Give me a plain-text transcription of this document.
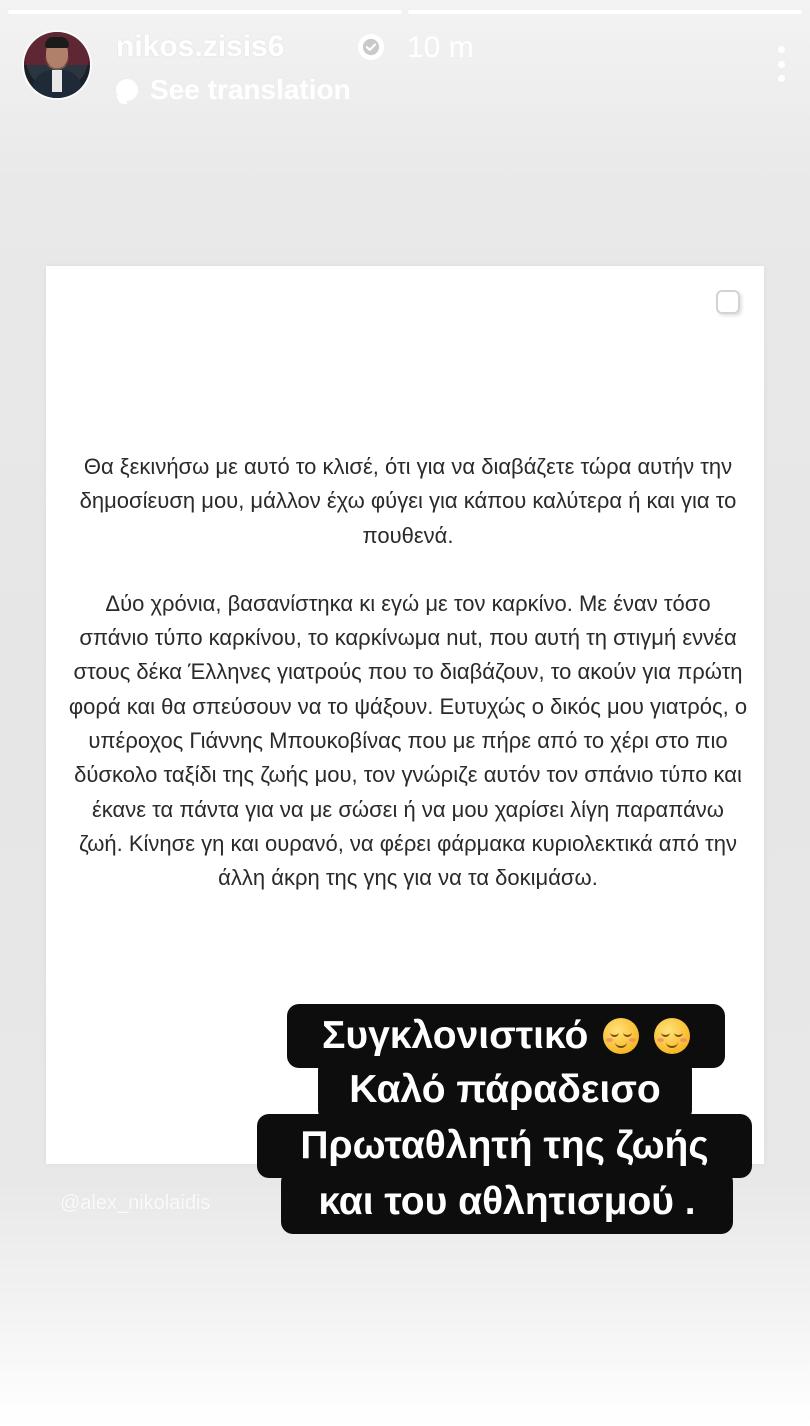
nikos.zisis6	10 m
See translation

Θα ξεκινήσω με αυτό το κλισέ, ότι για να διαβάζετε τώρα αυτήν την δημοσίευση μου, μάλλον έχω φύγει για κάπου καλύτερα ή και για το πουθενά.

Δύο χρόνια, βασανίστηκα κι εγώ με τον καρκίνο. Με έναν τόσο σπάνιο τύπο καρκίνου, το καρκίνωμα nut, που αυτή τη στιγμή εννέα στους δέκα Έλληνες γιατρούς που το διαβάζουν, το ακούν για πρώτη φορά και θα σπεύσουν να το ψάξουν. Ευτυχώς ο δικός μου γιατρός, ο υπέροχος Γιάννης Μπουκοβίνας που με πήρε από το χέρι στο πιο δύσκολο ταξίδι της ζωής μου, τον γνώριζε αυτόν τον σπάνιο τύπο και έκανε τα πάντα για να με σώσει ή να μου χαρίσει λίγη παραπάνω ζωή. Κίνησε γη και ουρανό, να φέρει φάρμακα κυριολεκτικά από την άλλη άκρη της γης για να τα δοκιμάσω.

@alex_nikolaidis
Συγκλονιστικό

Καλό πάραδεισο
Πρωταθλητή της ζωής
και του αθλητισμού .
